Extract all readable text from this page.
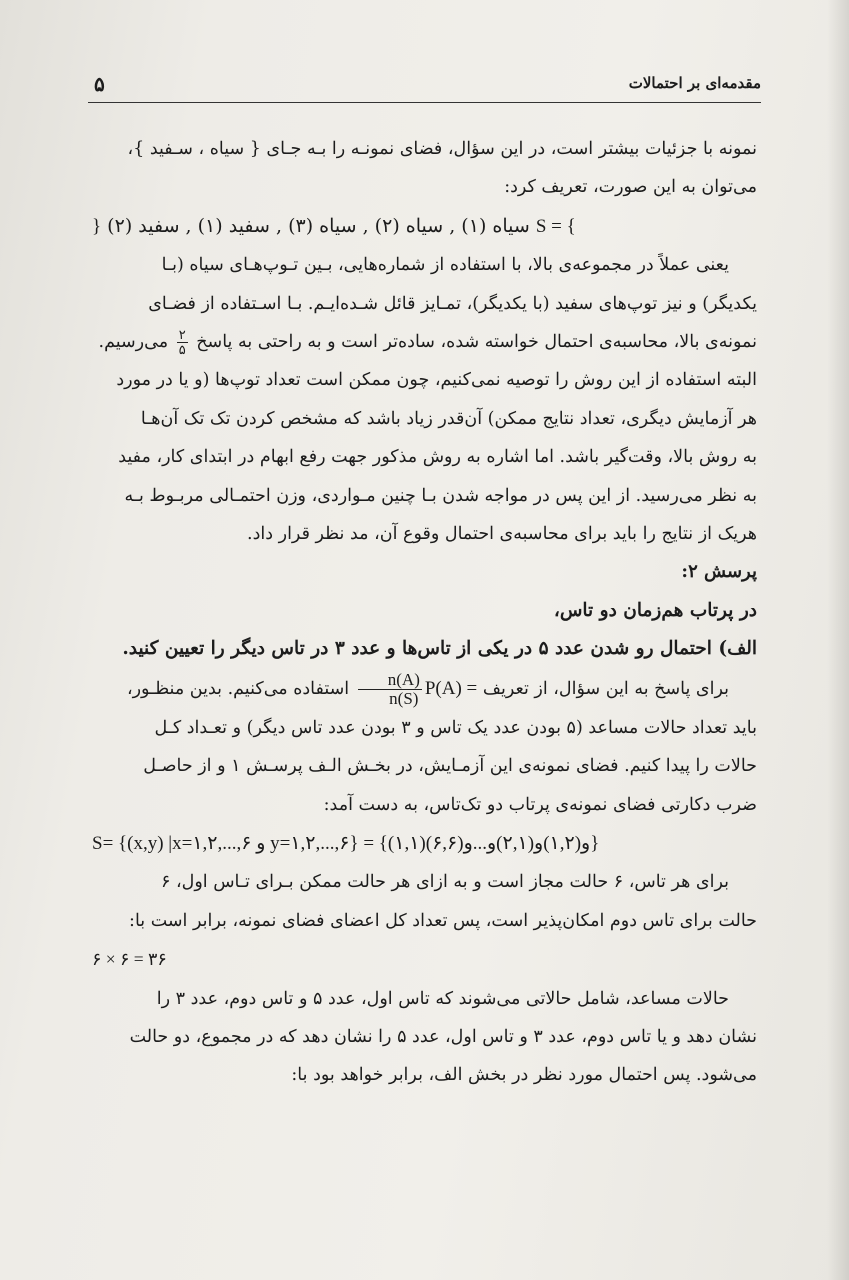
۵	مقدمه‌ای بر احتمالات

نمونه با جزئیات بیشتر است، در این سؤال، فضای نمونـه را بـه جـای { سیاه ، سـفید }،

می‌توان به این صورت، تعریف کرد:

S = { سیاه (۱) , سیاه (۲) , سیاه (۳) , سفید (۱) , سفید (۲) }

یعنی عملاً در مجموعه‌ی بالا، با استفاده از شماره‌هایی، بـین تـوپ‌هـای سیاه (بـا

یکدیگر) و نیز توپ‌های سفید (با یکدیگر)، تمـایز قائل شـده‌ایـم. بـا اسـتفاده از فضـای

نمونه‌ی بالا، محاسبه‌ی احتمال خواسته شده، ساده‌تر است و به راحتی به پاسخ
$\frac{۲}{۵}$
می‌رسیم.

البته استفاده از این روش را توصیه نمی‌کنیم، چون ممکن است تعداد توپ‌ها (و یا در مورد

هر آزمایش دیگری، تعداد نتایج ممکن) آن‌قدر زیاد باشد که مشخص کردن تک تک آن‌هـا

به روش بالا، وقت‌گیر باشد. اما اشاره به روش مذکور جهت رفع ابهام در ابتدای کار، مفید

به نظر می‌رسید. از این پس در مواجه شدن بـا چنین مـواردی، وزن احتمـالی مربـوط بـه

هریک از نتایج را باید برای محاسبه‌ی احتمال وقوع آن، مد نظر قرار داد.

پرسش ۲:

در پرتاب هم‌زمان دو تاس،

الف) احتمال رو شدن عدد ۵ در یکی از تاس‌ها و عدد ۳ در تاس دیگر را تعیین کنید.

برای پاسخ به این سؤال، از تعریف P(A) =
$\frac{n(A)}{n(S)}$
استفاده می‌کنیم. بدین منظـور،

باید تعداد حالات مساعد (۵ بودن عدد یک تاس و ۳ بودن عدد تاس دیگر) و تعـداد کـل

حالات را پیدا کنیم. فضای نمونه‌ی این آزمـایش، در بخـش الـف پرسـش ۱ و از حاصـل

ضرب دکارتی فضای نمونه‌ی پرتاب دو تک‌تاس، به دست آمد:

S= {(x,y) |x=۱,۲,...,۶ و y=۱,۲,...,۶} = {(۱,۱)و(۱,۲)و(۲,۱)و...و(۶,۶)}

برای هر تاس، ۶ حالت مجاز است و به ازای هر حالت ممکن بـرای تـاس اول، ۶

حالت برای تاس دوم امکان‌پذیر است، پس تعداد کل اعضای فضای نمونه، برابر است با:

۶ × ۶ = ۳۶

حالات مساعد، شامل حالاتی می‌شوند که تاس اول، عدد ۵ و تاس دوم، عدد ۳ را

نشان دهد و یا تاس دوم، عدد ۳ و تاس اول، عدد ۵ را نشان دهد که در مجموع، دو حالت

می‌شود. پس احتمال مورد نظر در بخش الف، برابر خواهد بود با:
